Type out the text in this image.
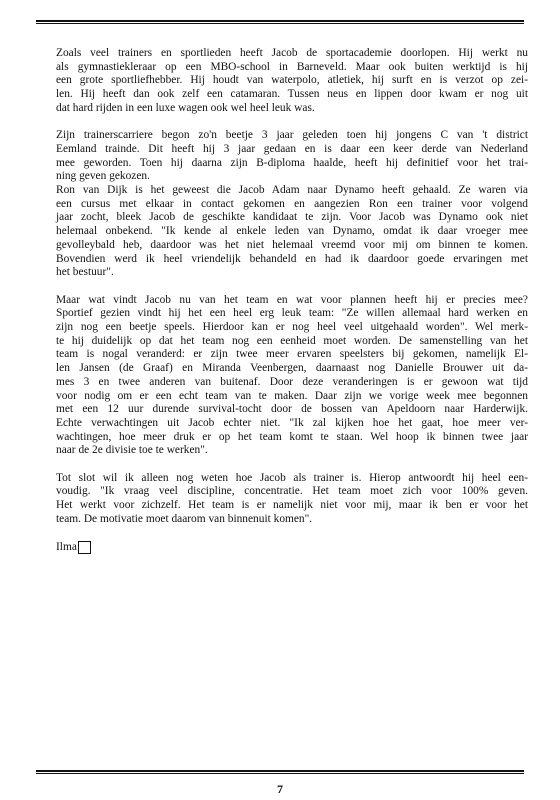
Zoals veel trainers en sportlieden heeft Jacob de sportacademie doorlopen. Hij werkt nu
als gymnastiekleraar op een MBO-school in Barneveld. Maar ook buiten werktijd is hij
een grote sportliefhebber. Hij houdt van waterpolo, atletiek, hij surft en is verzot op zei-
len. Hij heeft dan ook zelf een catamaran. Tussen neus en lippen door kwam er nog uit
dat hard rijden in een luxe wagen ook wel heel leuk was.
Zijn trainerscarriere begon zo'n beetje 3 jaar geleden toen hij jongens C van 't district
Eemland trainde. Dit heeft hij 3 jaar gedaan en is daar een keer derde van Nederland
mee geworden. Toen hij daarna zijn B-diploma haalde, heeft hij definitief voor het trai-
ning geven gekozen.
Ron van Dijk is het geweest die Jacob Adam naar Dynamo heeft gehaald. Ze waren via
een cursus met elkaar in contact gekomen en aangezien Ron een trainer voor volgend
jaar zocht, bleek Jacob de geschikte kandidaat te zijn. Voor Jacob was Dynamo ook niet
helemaal onbekend. "Ik kende al enkele leden van Dynamo, omdat ik daar vroeger mee
gevolleybald heb, daardoor was het niet helemaal vreemd voor mij om binnen te komen.
Bovendien werd ik heel vriendelijk behandeld en had ik daardoor goede ervaringen met
het bestuur".
Maar wat vindt Jacob nu van het team en wat voor plannen heeft hij er precies mee?
Sportief gezien vindt hij het een heel erg leuk team: "Ze willen allemaal hard werken en
zijn nog een beetje speels. Hierdoor kan er nog heel veel uitgehaald worden". Wel merk-
te hij duidelijk op dat het team nog een eenheid moet worden. De samenstelling van het
team is nogal veranderd: er zijn twee meer ervaren speelsters bij gekomen, namelijk El-
len Jansen (de Graaf) en Miranda Veenbergen, daarnaast nog Danielle Brouwer uit da-
mes 3 en twee anderen van buitenaf. Door deze veranderingen is er gewoon wat tijd
voor nodig om er een echt team van te maken. Daar zijn we vorige week mee begonnen
met een 12 uur durende survival-tocht door de bossen van Apeldoorn naar Harderwijk.
Echte verwachtingen uit Jacob echter niet. "Ik zal kijken hoe het gaat, hoe meer ver-
wachtingen, hoe meer druk er op het team komt te staan. Wel hoop ik binnen twee jaar
naar de 2e divisie toe te werken".
Tot slot wil ik alleen nog weten hoe Jacob als trainer is. Hierop antwoordt hij heel een-
voudig. "Ik vraag veel discipline, concentratie. Het team moet zich voor 100% geven.
Het werkt voor zichzelf. Het team is er namelijk niet voor mij, maar ik ben er voor het
team. De motivatie moet daarom van binnenuit komen".
Ilma
7
